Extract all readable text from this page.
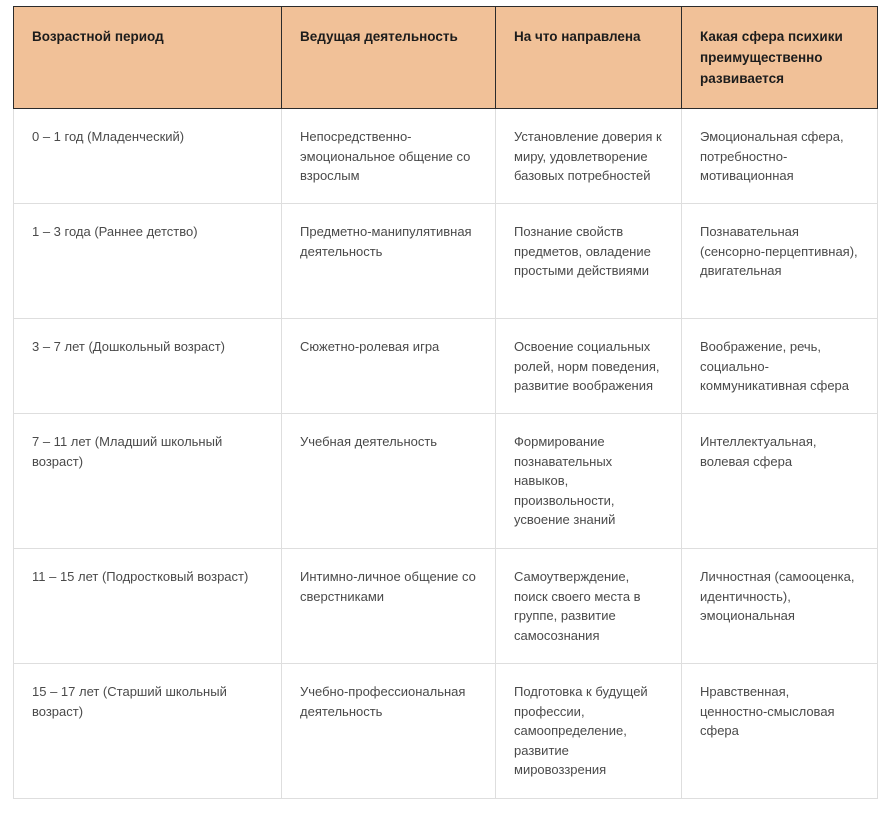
Возрастной период	Ведущая деятельность	На что направлена	Какая сфера психики преимущественно развивается
0 – 1 год (Младенческий)	Непосредственно-эмоциональное общение со взрослым	Установление доверия к миру, удовлетворение базовых потребностей	Эмоциональная сфера, потребностно-мотивационная
1 – 3 года (Раннее детство)	Предметно-манипулятивная деятельность	Познание свойств предметов, овладение простыми действиями	Познавательная (сенсорно-перцептивная), двигательная
3 – 7 лет (Дошкольный возраст)	Сюжетно-ролевая игра	Освоение социальных ролей, норм поведения, развитие воображения	Воображение, речь, социально-коммуникативная сфера
7 – 11 лет (Младший школьный возраст)	Учебная деятельность	Формирование познавательных навыков, произвольности, усвоение знаний	Интеллектуальная, волевая сфера
11 – 15 лет (Подростковый возраст)	Интимно-личное общение со сверстниками	Самоутверждение, поиск своего места в группе, развитие самосознания	Личностная (самооценка, идентичность), эмоциональная
15 – 17 лет (Старший школьный возраст)	Учебно-профессиональная деятельность	Подготовка к будущей профессии, самоопределение, развитие мировоззрения	Нравственная, ценностно-смысловая сфера
